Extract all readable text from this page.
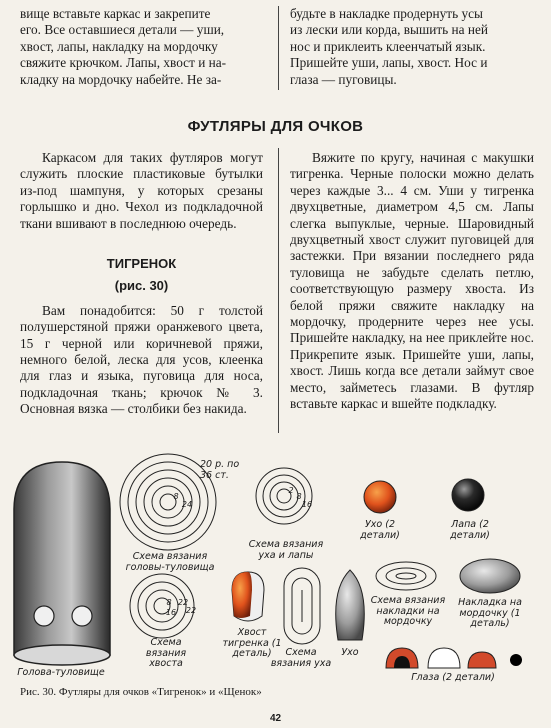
вище вставьте каркас и закрепите

его. Все оставшиеся детали — уши,

хвост, лапы, накладку на мордочку

свяжите крючком. Лапы, хвост и на-

кладку на мордочку набейте. Не за-

будьте в накладке продернуть усы

из лески или корда, вышить на ней

нос и приклеить клеенчатый язык.

Пришейте уши, лапы, хвост. Нос и

глаза — пуговицы.

ФУТЛЯРЫ ДЛЯ ОЧКОВ

Каркасом для таких футляров могут служить плоские пластиковые бутылки из-под шампуня, у которых срезаны горлышко и дно. Чехол из подкладочной ткани вшивают в последнюю очередь.

ТИГРЕНОК

(рис. 30)

Вам понадобится: 50 г толстой полушерстяной пряжи оранжевого цвета, 15 г черной или коричневой пряжи, немного белой, леска для усов, клеенка для глаз и языка, пуговица для носа, подкладочная ткань; крючок № 3. Основная вязка — столбики без накида.

Вяжите по кругу, начиная с макушки тигренка. Черные полоски можно делать через каждые 3... 4 см. Уши у тигренка двухцветные, диаметром 4,5 см. Лапы слегка выпуклые, черные. Шаровидный двухцветный хвост служит пуговицей для застежки. При вязании последнего ряда туловища не забудьте сделать петлю, соответствующую размеру хвоста. Из белой пряжи свяжите накладку на мордочку, продерните через нее усы. Пришейте накладку, на нее приклейте нос. Прикрепите язык. Пришейте уши, лапы, хвост. Лишь когда все детали займут свое место, займетесь глазами. В футляр вставьте каркас и вшейте подкладку.

Голова-туловище
20 р. по 36 ст.
Схема вязания головы-туловища
Схема вязания уха и лапы
Ухо (2 детали)
Лапа (2 детали)
Хвост тигренка (1 деталь)
Схема вязания хвоста
Схема вязания уха
Ухо
Схема вязания накладки на мордочку
Накладка на мордочку (1 деталь)
Глаза (2 детали)
8
24
2
8
16
8 22
16 22
Рис. 30. Футляры для очков «Тигренок» и «Щенок»
42
